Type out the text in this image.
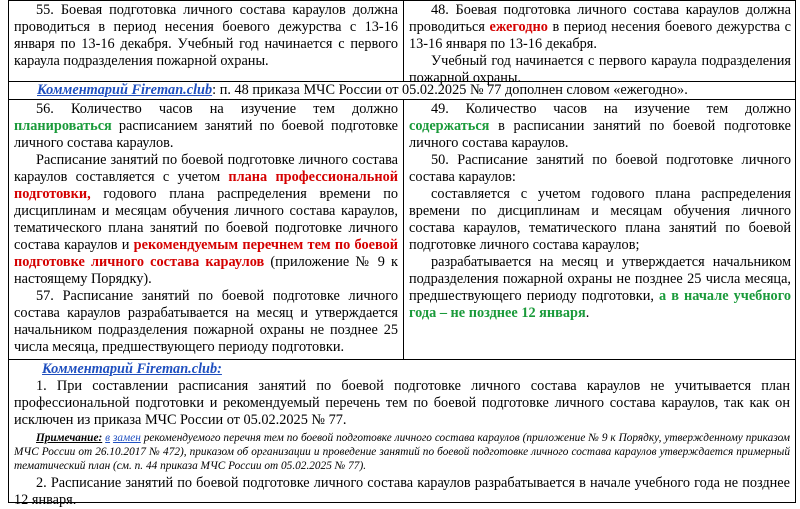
55. Боевая подготовка личного состава караулов должна проводиться в период несения боевого дежурства с 13-16 января по 13-16 декабря. Учебный год начинается с первого караула подразделения пожарной охраны.

48. Боевая подготовка личного состава караулов должна проводиться ежегодно в период несения боевого дежурства с 13-16 января по 13-16 декабря.

Учебный год начинается с первого караула подразделения пожарной охраны.

Комментарий Fireman.club: п. 48 приказа МЧС России от 05.02.2025 № 77 дополнен словом «ежегодно».

56. Количество часов на изучение тем должно планироваться расписанием занятий по боевой подготовке личного состава караулов.

Расписание занятий по боевой подготовке личного состава караулов составляется с учетом плана профессиональной подготовки, годового плана распределения времени по дисциплинам и месяцам обучения личного состава караулов, тематического плана занятий по боевой подготовке личного состава караулов и рекомендуемым перечнем тем по боевой подготовке личного состава караулов (приложение № 9 к настоящему Порядку).

57. Расписание занятий по боевой подготовке личного состава караулов разрабатывается на месяц и утверждается начальником подразделения пожарной охраны не позднее 25 числа месяца, предшествующего периоду подготовки.

49. Количество часов на изучение тем должно содержаться в расписании занятий по боевой подготовке личного состава караулов.

50. Расписание занятий по боевой подготовке личного состава караулов:

составляется с учетом годового плана распределения времени по дисциплинам и месяцам обучения личного состава караулов, тематического плана занятий по боевой подготовке личного состава караулов;

разрабатывается на месяц и утверждается начальником подразделения пожарной охраны не позднее 25 числа месяца, предшествующего периоду подготовки, а в начале учебного года – не позднее 12 января.

Комментарий Fireman.club:

1. При составлении расписания занятий по боевой подготовке личного состава караулов не учитывается план профессиональной подготовки и рекомендуемый перечень тем по боевой подготовке личного состава караулов, так как он исключен из приказа МЧС России от 05.02.2025 № 77.

Примечание: в замен рекомендуемого перечня тем по боевой подготовке личного состава караулов (приложение № 9 к Порядку, утвержденному приказом МЧС России от 26.10.2017 № 472), приказом об организации и проведение занятий по боевой подготовке личного состава караулов утверждается примерный тематический план (см. п. 44 приказа МЧС России от 05.02.2025 № 77).

2. Расписание занятий по боевой подготовке личного состава караулов разрабатывается в начале учебного года не позднее 12 января.
